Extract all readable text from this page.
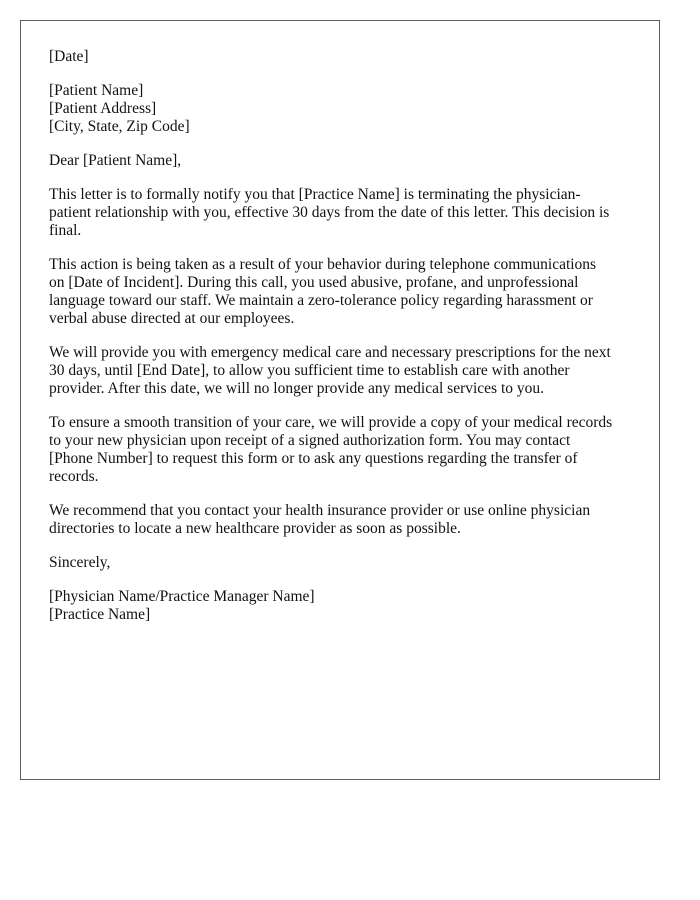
[Date]
[Patient Name]
[Patient Address]
[City, State, Zip Code]
Dear [Patient Name],

This letter is to formally notify you that [Practice Name] is terminating the physician-
patient relationship with you, effective 30 days from the date of this letter. This decision is
final.

This action is being taken as a result of your behavior during telephone communications
on [Date of Incident]. During this call, you used abusive, profane, and unprofessional
language toward our staff. We maintain a zero-tolerance policy regarding harassment or
verbal abuse directed at our employees.

We will provide you with emergency medical care and necessary prescriptions for the next
30 days, until [End Date], to allow you sufficient time to establish care with another
provider. After this date, we will no longer provide any medical services to you.

To ensure a smooth transition of your care, we will provide a copy of your medical records
to your new physician upon receipt of a signed authorization form. You may contact
[Phone Number] to request this form or to ask any questions regarding the transfer of
records.

We recommend that you contact your health insurance provider or use online physician
directories to locate a new healthcare provider as soon as possible.

Sincerely,
[Physician Name/Practice Manager Name]
[Practice Name]
